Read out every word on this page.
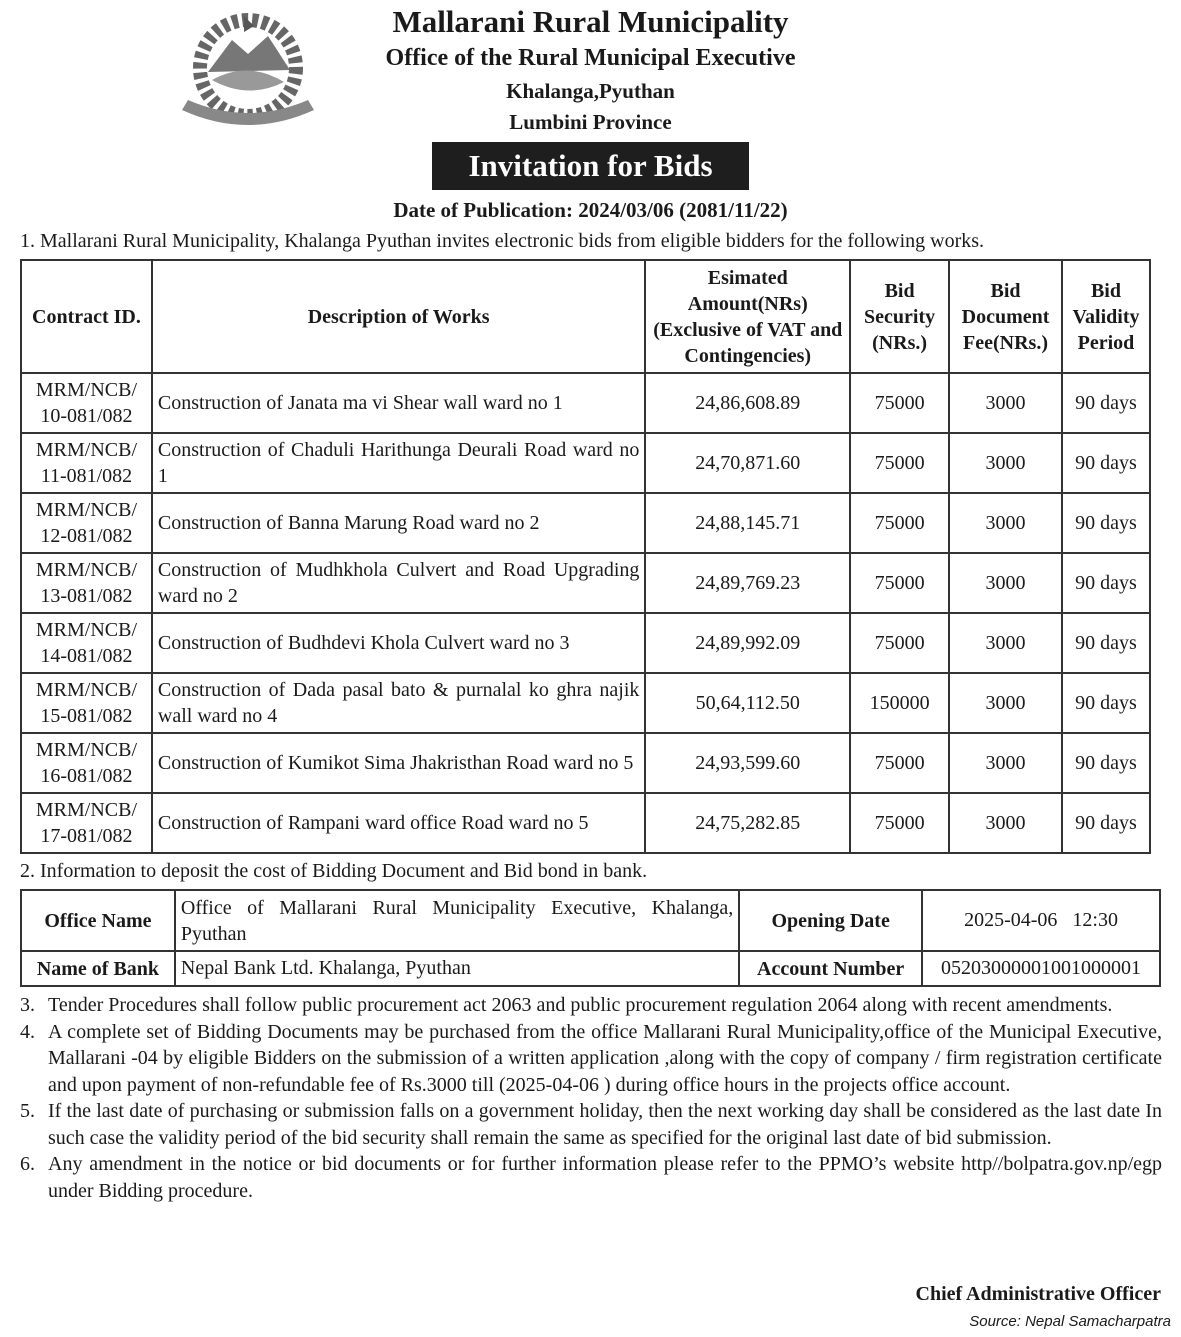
Mallarani Rural Municipality
Office of the Rural Municipal Executive
Khalanga,Pyuthan
Lumbini Province
Invitation for Bids
Date of Publication: 2024/03/06 (2081/11/22)
1. Mallarani Rural Municipality, Khalanga Pyuthan invites electronic bids from eligible bidders for the following works.
Contract ID.	Description of Works	Esimated Amount(NRs) (Exclusive of VAT and Contingencies)	Bid Security (NRs.)	Bid Document Fee(NRs.)	Bid Validity Period
MRM/NCB/ 10-081/082	Construction of Janata ma vi Shear wall ward no 1	24,86,608.89	75000	3000	90 days
MRM/NCB/ 11-081/082	Construction of Chaduli Harithunga Deurali Road ward no 1	24,70,871.60	75000	3000	90 days
MRM/NCB/ 12-081/082	Construction of Banna Marung Road ward no 2	24,88,145.71	75000	3000	90 days
MRM/NCB/ 13-081/082	Construction of Mudhkhola Culvert and Road Upgrading ward no 2	24,89,769.23	75000	3000	90 days
MRM/NCB/ 14-081/082	Construction of Budhdevi Khola Culvert ward no 3	24,89,992.09	75000	3000	90 days
MRM/NCB/ 15-081/082	Construction of Dada pasal bato & purnalal ko ghra najik wall ward no 4	50,64,112.50	150000	3000	90 days
MRM/NCB/ 16-081/082	Construction of Kumikot Sima Jhakristhan Road ward no 5	24,93,599.60	75000	3000	90 days
MRM/NCB/ 17-081/082	Construction of Rampani ward office Road ward no 5	24,75,282.85	75000	3000	90 days
2. Information to deposit the cost of Bidding Document and Bid bond in bank.
Office Name	Office of Mallarani Rural Municipality Executive, Khalanga, Pyuthan	Opening Date	2025-04-06   12:30
Name of Bank	Nepal Bank Ltd. Khalanga, Pyuthan	Account Number	05203000001001000001
3. Tender Procedures shall follow public procurement act 2063 and public procurement regulation 2064 along with recent amendments.
4. A complete set of Bidding Documents may be purchased from the office Mallarani Rural Municipality,office of the Municipal Executive, Mallarani -04 by eligible Bidders on the submission of a written application ,along with the copy of company / firm registration certificate and upon payment of non-refundable fee of Rs.3000 till (2025-04-06 ) during office hours in the projects office account.
5. If the last date of purchasing or submission falls on a government holiday, then the next working day shall be considered as the last date In such case the validity period of the bid security shall remain the same as specified for the original last date of bid submission.
6. Any amendment in the notice or bid documents or for further information please refer to the PPMO’s website http//bolpatra.gov.np/egp under Bidding procedure.
Chief Administrative Officer
Source: Nepal Samacharpatra
